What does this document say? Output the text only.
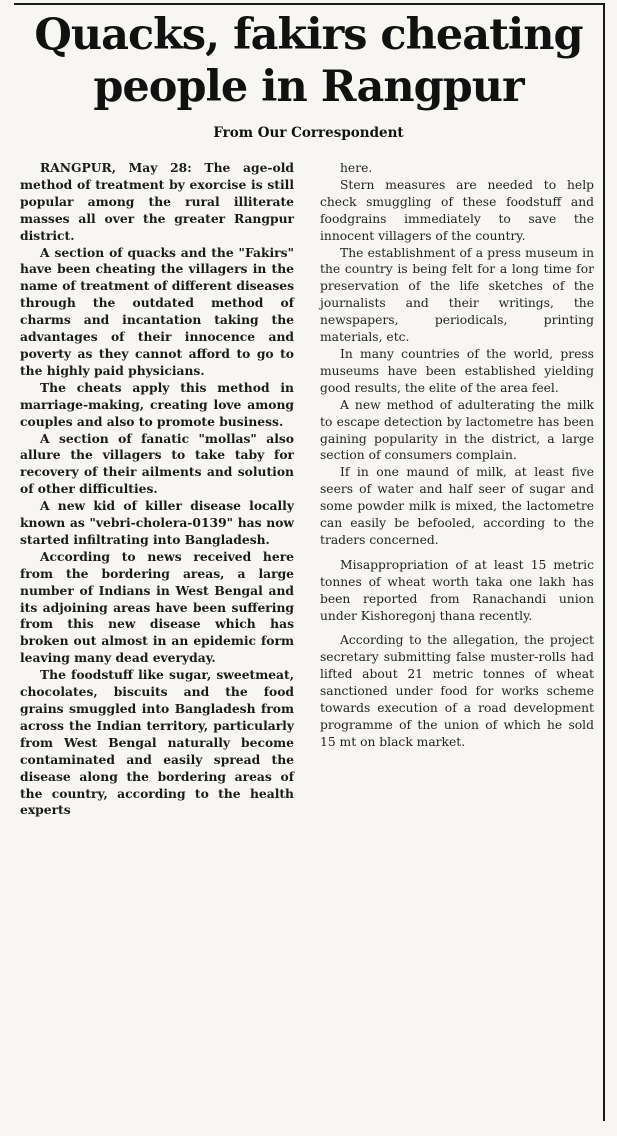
Quacks, fakirs cheating
people in Rangpur
From Our Correspondent

RANGPUR, May 28: The age-old method of treatment by exorcise is still popular among the rural illiterate masses all over the greater Rangpur district.

A section of quacks and the "Fakirs" have been cheating the villagers in the name of treatment of different diseases through the outdated method of charms and incantation taking the advantages of their innocence and poverty as they cannot afford to go to the highly paid physicians.

The cheats apply this method in marriage-making, creating love among couples and also to promote business.

A section of fanatic "mollas" also allure the villagers to take taby for recovery of their ailments and solution of other difficulties.

A new kid of killer disease locally known as "vebri-cholera-0139" has now started infiltrating into Bangladesh.

According to news received here from the bordering areas, a large number of Indians in West Bengal and its adjoining areas have been suffering from this new disease which has broken out almost in an epidemic form leaving many dead everyday.

The foodstuff like sugar, sweetmeat, chocolates, biscuits and the food grains smuggled into Bangladesh from across the Indian territory, particularly from West Bengal naturally become contaminated and easily spread the disease along the bordering areas of the country, according to the health experts

here.

Stern measures are needed to help check smuggling of these foodstuff and foodgrains immediately to save the innocent villagers of the country.

The establishment of a press museum in the country is being felt for a long time for preservation of the life sketches of the journalists and their writings, the newspapers, periodicals, printing materials, etc.

In many countries of the world, press museums have been established yielding good results, the elite of the area feel.

A new method of adulterating the milk to escape detection by lactometre has been gaining popularity in the district, a large section of consumers complain.

If in one maund of milk, at least five seers of water and half seer of sugar and some powder milk is mixed, the lactometre can easily be befooled, according to the traders concerned.

Misappropriation of at least 15 metric tonnes of wheat worth taka one lakh has been reported from Ranachandi union under Kishoregonj thana recently.

According to the allegation, the project secretary submitting false muster-rolls had lifted about 21 metric tonnes of wheat sanctioned under food for works scheme towards execution of a road development programme of the union of which he sold 15 mt on black market.
